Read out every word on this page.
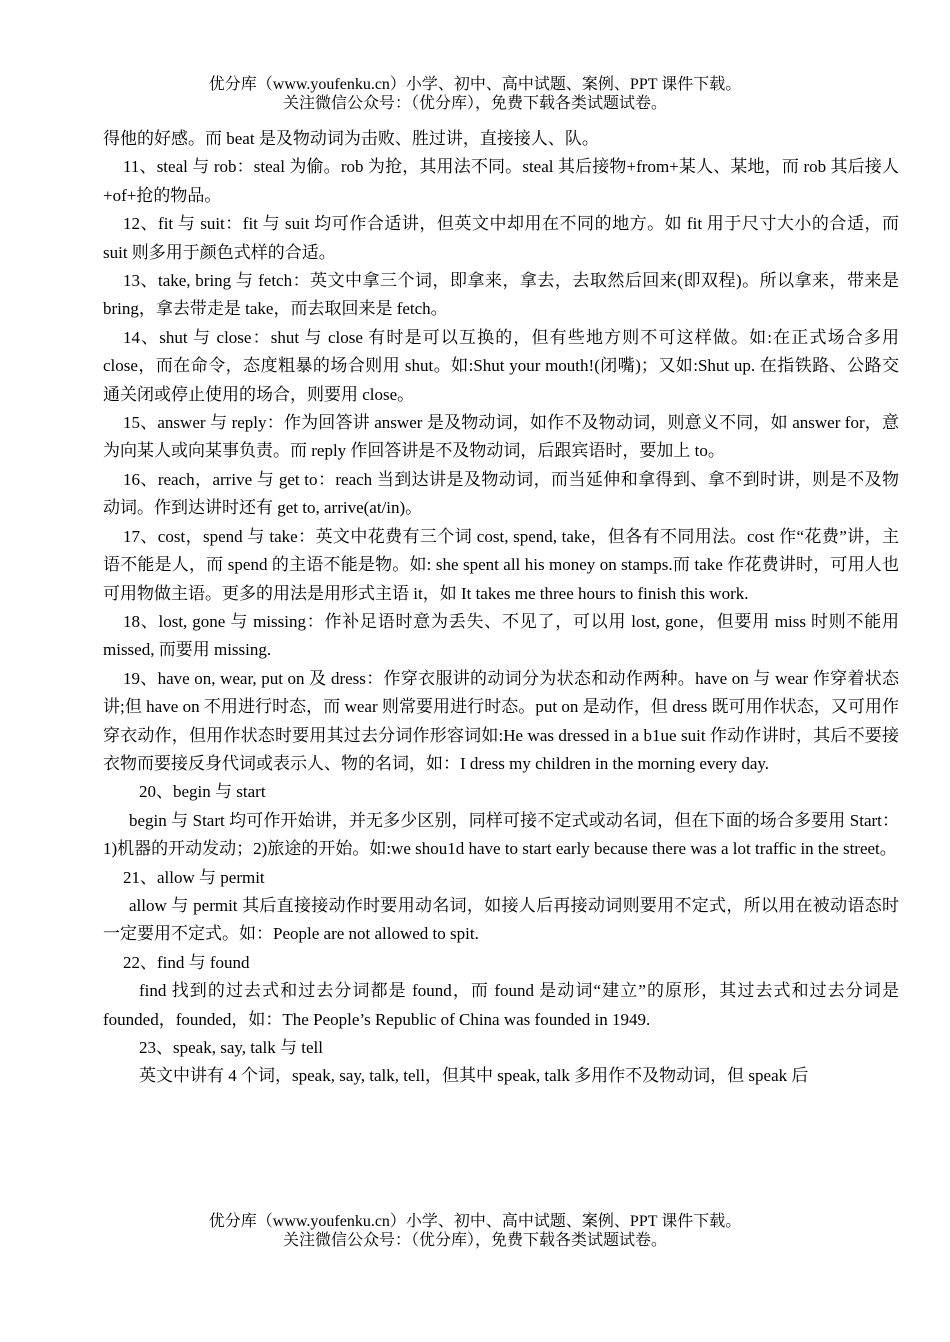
优分库（www.youfenku.cn）小学、初中、高中试题、案例、PPT 课件下载。
关注微信公众号：（优分库），免费下载各类试题试卷。

得他的好感。而 beat 是及物动词为击败、胜过讲，直接接人、队。

11、steal 与 rob：steal 为偷。rob 为抢，其用法不同。steal 其后接物+from+某人、某地，而 rob 其后接人+of+抢的物品。

12、fit 与 suit：fit 与 suit 均可作合适讲，但英文中却用在不同的地方。如 fit 用于尺寸大小的合适，而 suit 则多用于颜色式样的合适。

13、take, bring 与 fetch：英文中拿三个词，即拿来，拿去，去取然后回来(即双程)。所以拿来，带来是 bring，拿去带走是 take，而去取回来是 fetch。

14、shut 与 close：shut 与 close 有时是可以互换的，但有些地方则不可这样做。如:在正式场合多用 close，而在命令，态度粗暴的场合则用 shut。如:Shut your mouth!(闭嘴)；又如:Shut up. 在指铁路、公路交通关闭或停止使用的场合，则要用 close。

15、answer 与 reply：作为回答讲 answer 是及物动词，如作不及物动词，则意义不同，如 answer for，意为向某人或向某事负责。而 reply 作回答讲是不及物动词，后跟宾语时，要加上 to。

16、reach，arrive 与 get to：reach 当到达讲是及物动词，而当延伸和拿得到、拿不到时讲，则是不及物动词。作到达讲时还有 get to, arrive(at/in)。

17、cost，spend 与 take：英文中花费有三个词 cost, spend, take，但各有不同用法。cost 作“花费”讲，主语不能是人，而 spend 的主语不能是物。如: she spent all his money on stamps.而 take 作花费讲时，可用人也可用物做主语。更多的用法是用形式主语 it，如 It takes me three hours to finish this work.

18、lost, gone 与 missing：作补足语时意为丢失、不见了，可以用 lost, gone，但要用 miss 时则不能用 missed, 而要用 missing.

19、have on, wear, put on 及 dress：作穿衣服讲的动词分为状态和动作两种。have on 与 wear 作穿着状态讲;但 have on 不用进行时态，而 wear 则常要用进行时态。put on 是动作，但 dress 既可用作状态，又可用作穿衣动作，但用作状态时要用其过去分词作形容词如:He was dressed in a b1ue suit 作动作讲时，其后不要接衣物而要接反身代词或表示人、物的名词，如：I dress my children in the morning every day.

20、begin 与 start

begin 与 Start 均可作开始讲，并无多少区别，同样可接不定式或动名词，但在下面的场合多要用 Start：1)机器的开动发动；2)旅途的开始。如:we shou1d have to start early because there was a lot traffic in the street。

21、allow 与 permit

allow 与 permit 其后直接接动作时要用动名词，如接人后再接动词则要用不定式，所以用在被动语态时一定要用不定式。如：People are not allowed to spit.

22、find 与 found

find 找到的过去式和过去分词都是 found，而 found 是动词“建立”的原形，其过去式和过去分词是 founded，founded，如：The People’s Republic of China was founded in 1949.

23、speak, say, talk 与 tell

英文中讲有 4 个词，speak, say, talk, tell，但其中 speak, talk 多用作不及物动词，但 speak 后

优分库（www.youfenku.cn）小学、初中、高中试题、案例、PPT 课件下载。
关注微信公众号：（优分库），免费下载各类试题试卷。
